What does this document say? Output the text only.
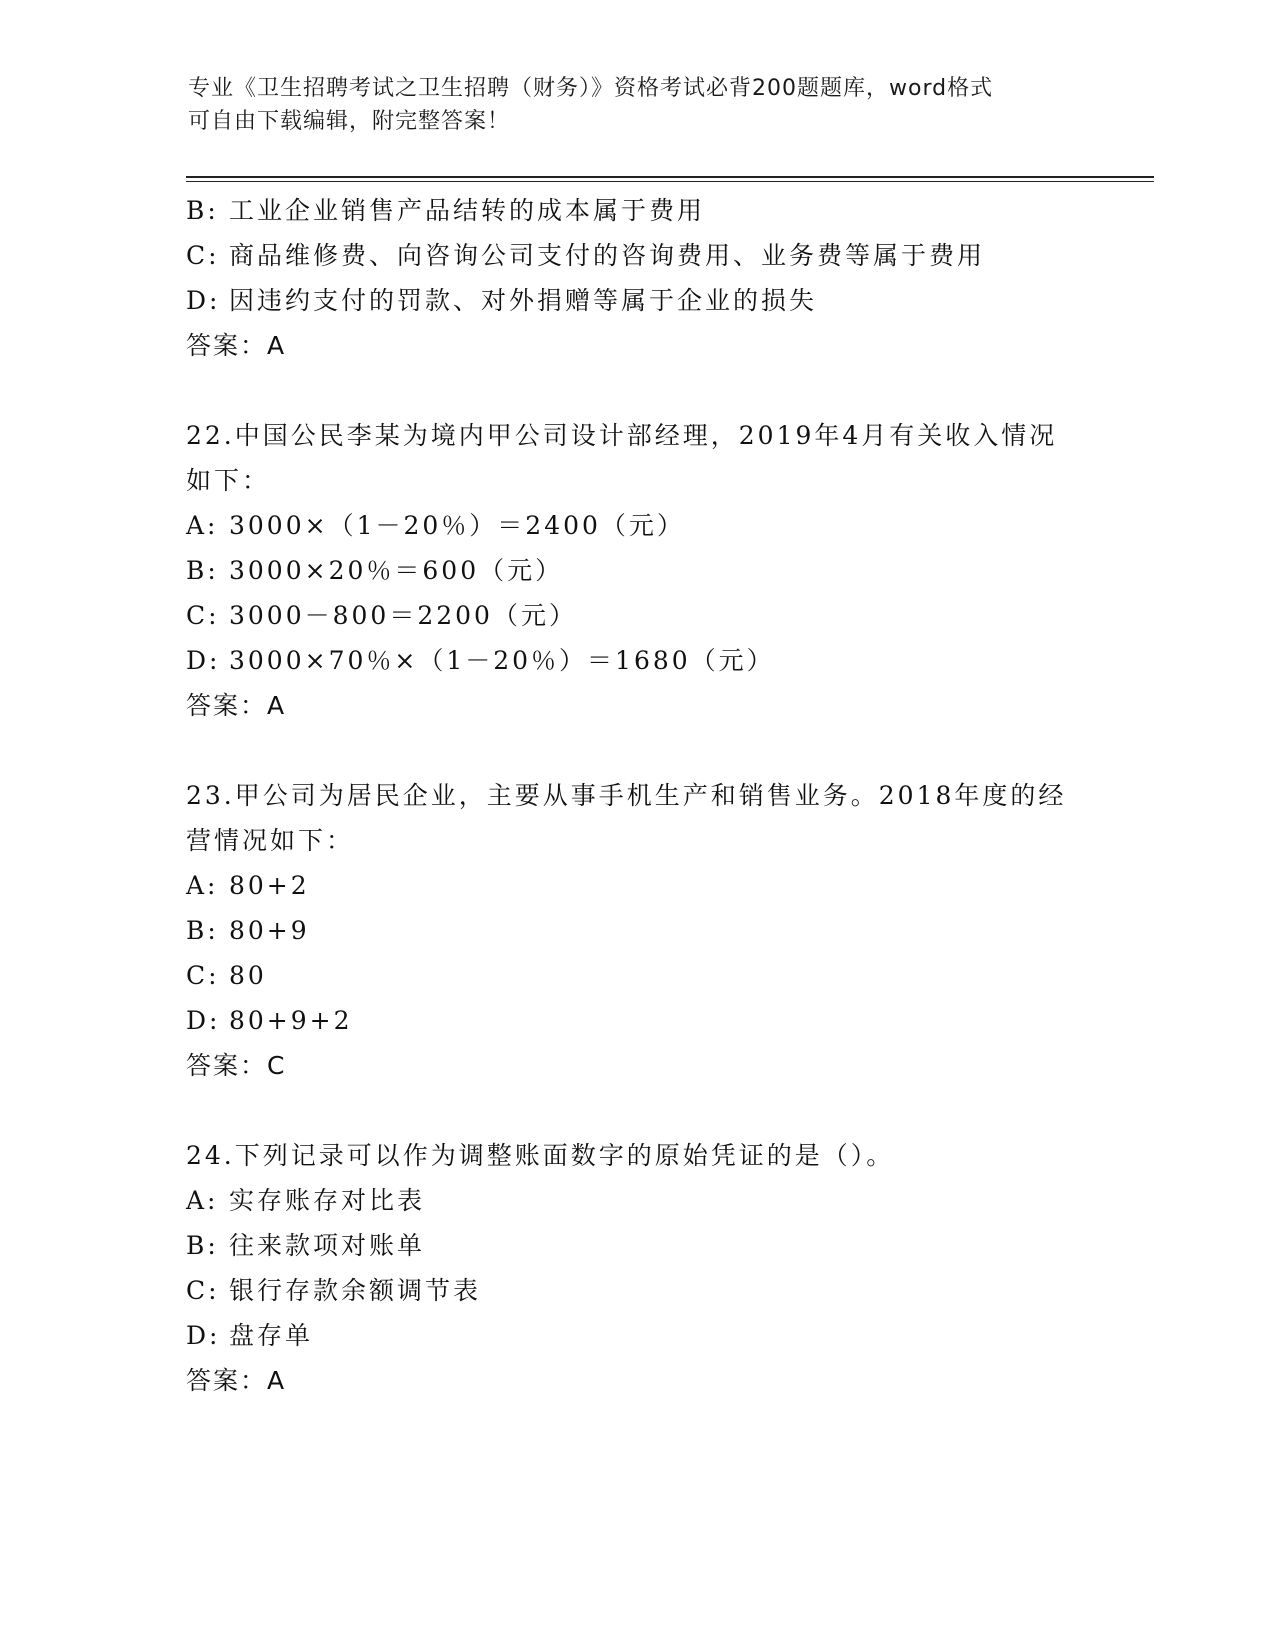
专业《卫生招聘考试之卫生招聘（财务）》资格考试必背200题题库，word格式
可自由下载编辑，附完整答案！
B: 工业企业销售产品结转的成本属于费用
C: 商品维修费、向咨询公司支付的咨询费用、业务费等属于费用
D: 因违约支付的罚款、对外捐赠等属于企业的损失
答案：A
22.中国公民李某为境内甲公司设计部经理，2019年4月有关收入情况
如下：
A: 3000×（1－20％）＝2400（元）
B: 3000×20％＝600（元）
C: 3000－800＝2200（元）
D: 3000×70％×（1－20％）＝1680（元）
答案：A
23.甲公司为居民企业，主要从事手机生产和销售业务。2018年度的经
营情况如下：
A: 80+2
B: 80+9
C: 80
D: 80+9+2
答案：C
24.下列记录可以作为调整账面数字的原始凭证的是（）。
A: 实存账存对比表
B: 往来款项对账单
C: 银行存款余额调节表
D: 盘存单
答案：A
